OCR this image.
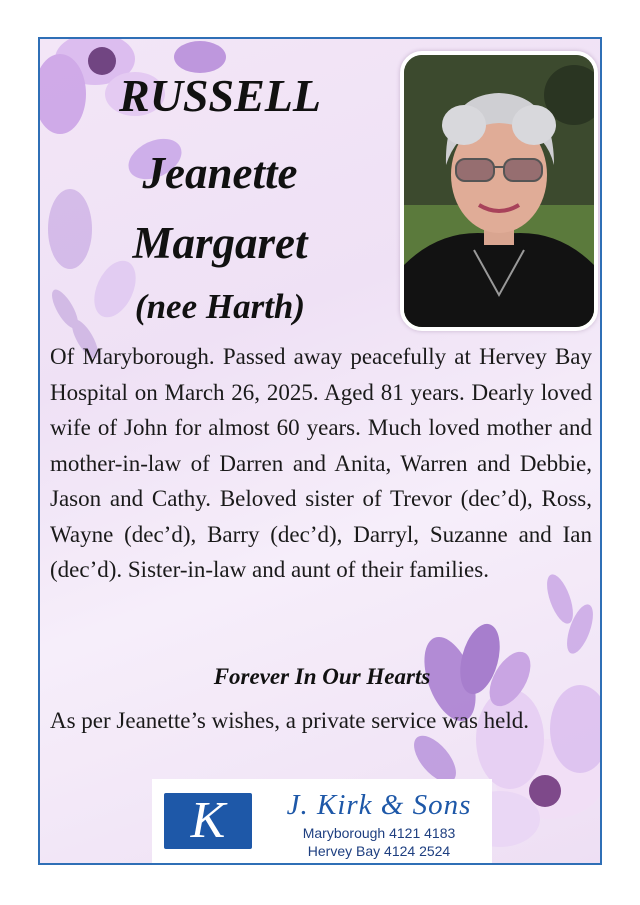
RUSSELL
Jeanette
Margaret
(nee Harth)
Of Maryborough. Passed away peacefully at Hervey Bay Hospital on March 26, 2025. Aged 81 years. Dearly loved wife of John for almost 60 years. Much loved mother and mother-in-law of Darren and Anita, Warren and Debbie, Jason and Cathy. Beloved sister of Trevor (dec’d), Ross, Wayne (dec’d), Barry (dec’d), Darryl, Suzanne and Ian (dec’d). Sister-in-law and aunt of their families.
Forever In Our Hearts
As per Jeanette’s wishes, a private service was held.
K	J. Kirk & Sons
Maryborough 4121 4183
Hervey Bay 4124 2524
